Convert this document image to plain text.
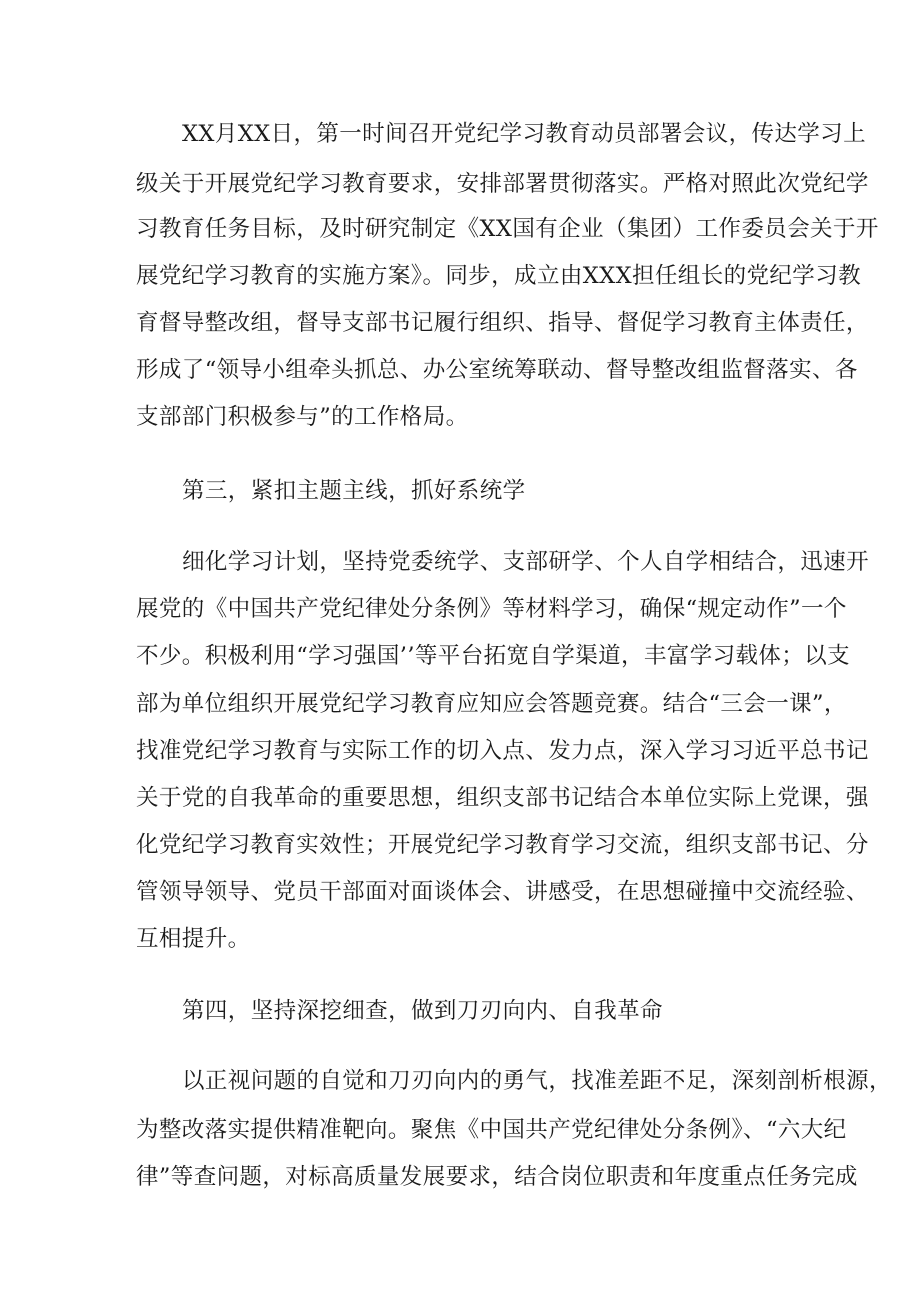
XX月XX日，第一时间召开党纪学习教育动员部署会议，传达学习上
级关于开展党纪学习教育要求，安排部署贯彻落实。严格对照此次党纪学
习教育任务目标，及时研究制定《XX国有企业（集团）工作委员会关于开
展党纪学习教育的实施方案》。同步，成立由XXX担任组长的党纪学习教
育督导整改组，督导支部书记履行组织、指导、督促学习教育主体责任，
形成了“领导小组牵头抓总、办公室统筹联动、督导整改组监督落实、各
支部部门积极参与”的工作格局。
第三，紧扣主题主线，抓好系统学
细化学习计划，坚持党委统学、支部研学、个人自学相结合，迅速开
展党的《中国共产党纪律处分条例》等材料学习，确保“规定动作”一个
不少。积极利用“学习强国’’等平台拓宽自学渠道，丰富学习载体；以支
部为单位组织开展党纪学习教育应知应会答题竞赛。结合“三会一课”，
找准党纪学习教育与实际工作的切入点、发力点，深入学习习近平总书记
关于党的自我革命的重要思想，组织支部书记结合本单位实际上党课，强
化党纪学习教育实效性；开展党纪学习教育学习交流，组织支部书记、分
管领导领导、党员干部面对面谈体会、讲感受，在思想碰撞中交流经验、
互相提升。
第四，坚持深挖细查，做到刀刃向内、自我革命
以正视问题的自觉和刀刃向内的勇气，找准差距不足，深刻剖析根源，
为整改落实提供精准靶向。聚焦《中国共产党纪律处分条例》、“六大纪
律”等查问题，对标高质量发展要求，结合岗位职责和年度重点任务完成
